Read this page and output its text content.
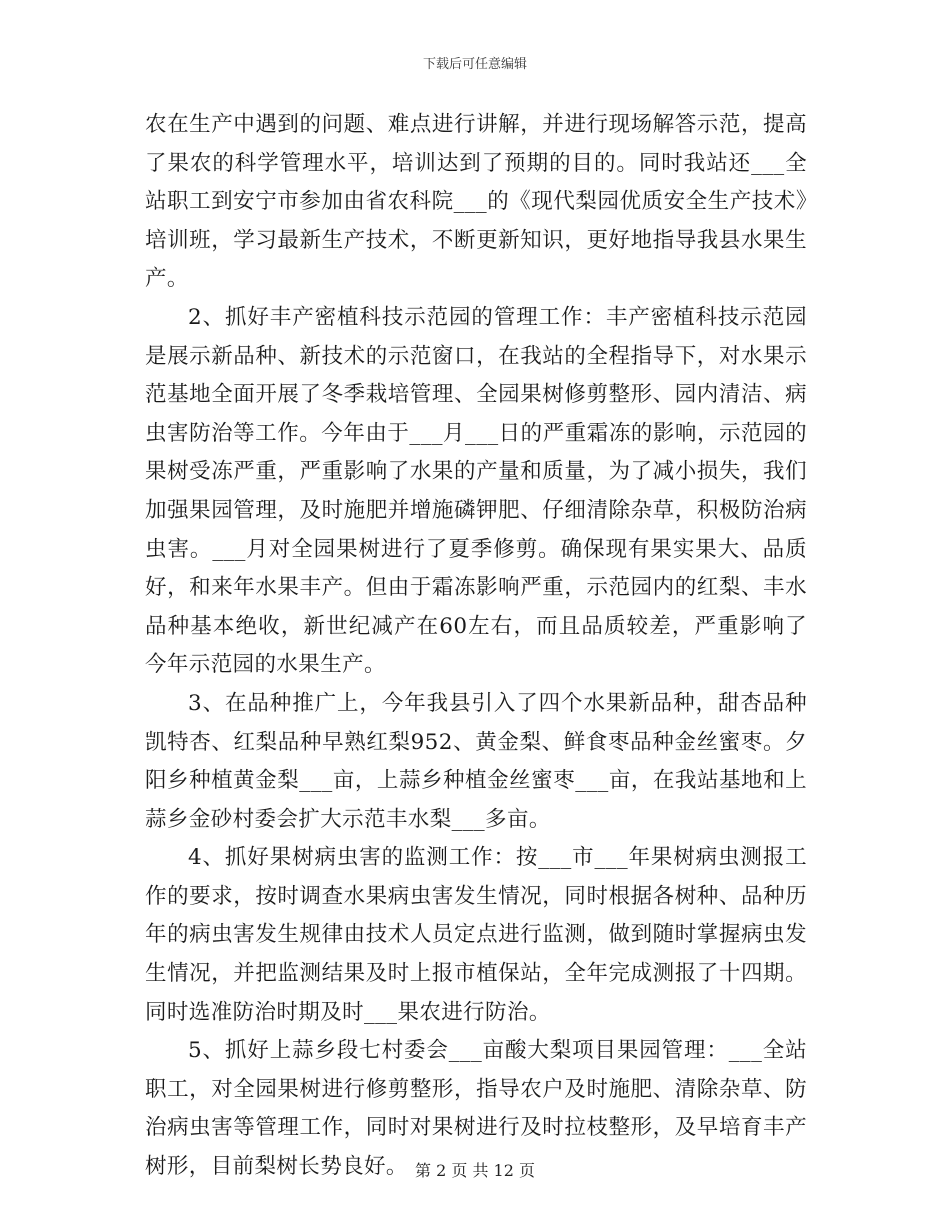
下载后可任意编辑

农在生产中遇到的问题、难点进行讲解，并进行现场解答示范，提高了果农的科学管理水平，培训达到了预期的目的。同时我站还___全站职工到安宁市参加由省农科院___的《现代梨园优质安全生产技术》培训班，学习最新生产技术，不断更新知识，更好地指导我县水果生产。

2、抓好丰产密植科技示范园的管理工作：丰产密植科技示范园是展示新品种、新技术的示范窗口，在我站的全程指导下，对水果示范基地全面开展了冬季栽培管理、全园果树修剪整形、园内清洁、病虫害防治等工作。今年由于___月___日的严重霜冻的影响，示范园的果树受冻严重，严重影响了水果的产量和质量，为了减小损失，我们加强果园管理，及时施肥并增施磷钾肥、仔细清除杂草，积极防治病虫害。___月对全园果树进行了夏季修剪。确保现有果实果大、品质好，和来年水果丰产。但由于霜冻影响严重，示范园内的红梨、丰水品种基本绝收，新世纪减产在60左右，而且品质较差，严重影响了今年示范园的水果生产。

3、在品种推广上，今年我县引入了四个水果新品种，甜杏品种凯特杏、红梨品种早熟红梨952、黄金梨、鲜食枣品种金丝蜜枣。夕阳乡种植黄金梨___亩，上蒜乡种植金丝蜜枣___亩，在我站基地和上蒜乡金砂村委会扩大示范丰水梨___多亩。

4、抓好果树病虫害的监测工作：按___市___年果树病虫测报工作的要求，按时调查水果病虫害发生情况，同时根据各树种、品种历年的病虫害发生规律由技术人员定点进行监测，做到随时掌握病虫发生情况，并把监测结果及时上报市植保站，全年完成测报了十四期。同时选准防治时期及时___果农进行防治。

5、抓好上蒜乡段七村委会___亩酸大梨项目果园管理：___全站职工，对全园果树进行修剪整形，指导农户及时施肥、清除杂草、防治病虫害等管理工作，同时对果树进行及时拉枝整形，及早培育丰产树形，目前梨树长势良好。 第 2 页 共 12 页
